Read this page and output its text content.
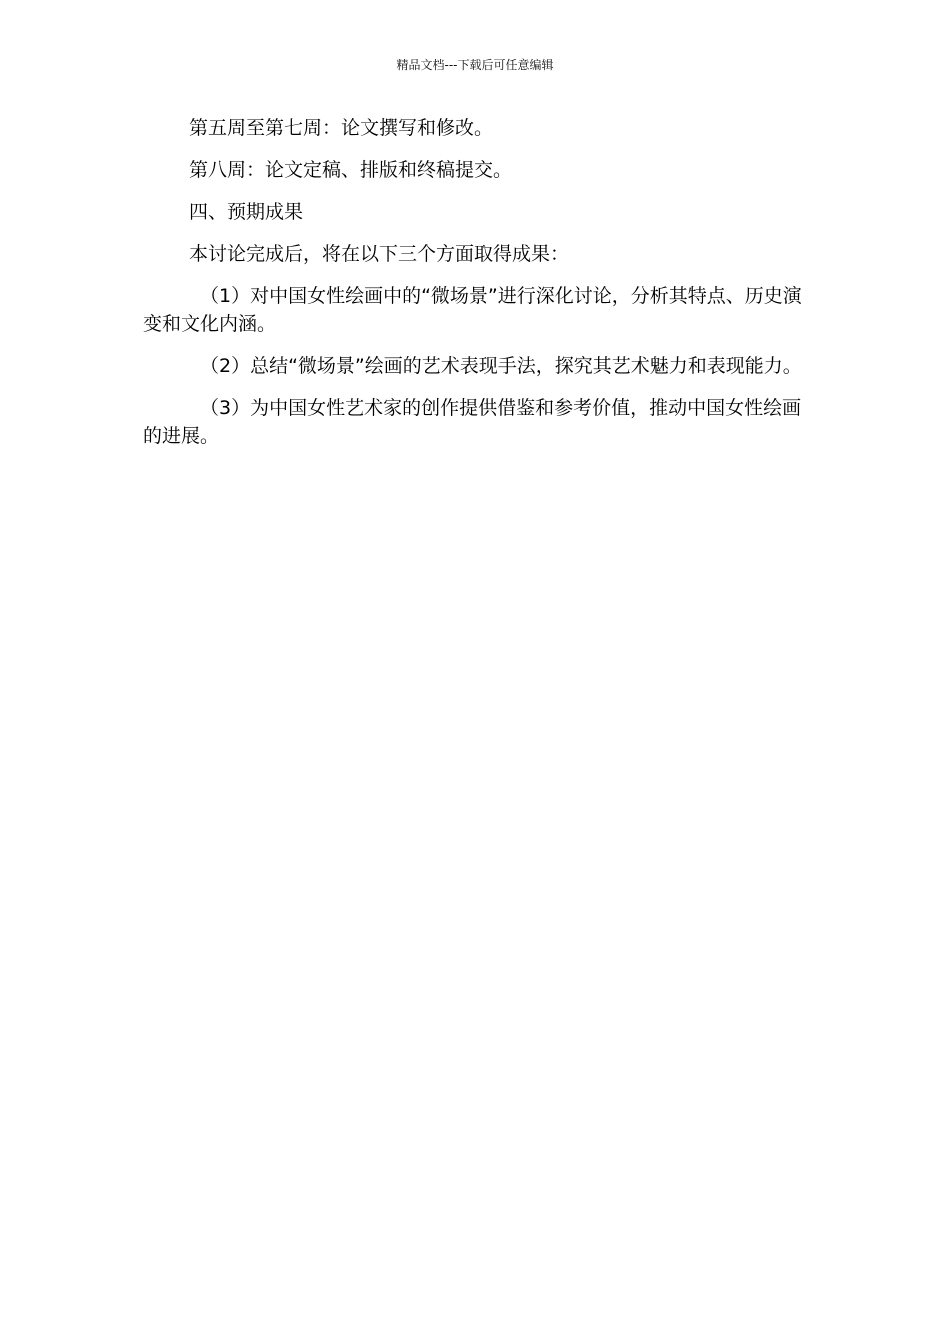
精品文档---下载后可任意编辑

第五周至第七周：论文撰写和修改。

第八周：论文定稿、排版和终稿提交。

四、预期成果

本讨论完成后，将在以下三个方面取得成果：

（1）对中国女性绘画中的“微场景”进行深化讨论，分析其特点、历史演变和文化内涵。

（2）总结“微场景”绘画的艺术表现手法，探究其艺术魅力和表现能力。

（3）为中国女性艺术家的创作提供借鉴和参考价值，推动中国女性绘画的进展。
